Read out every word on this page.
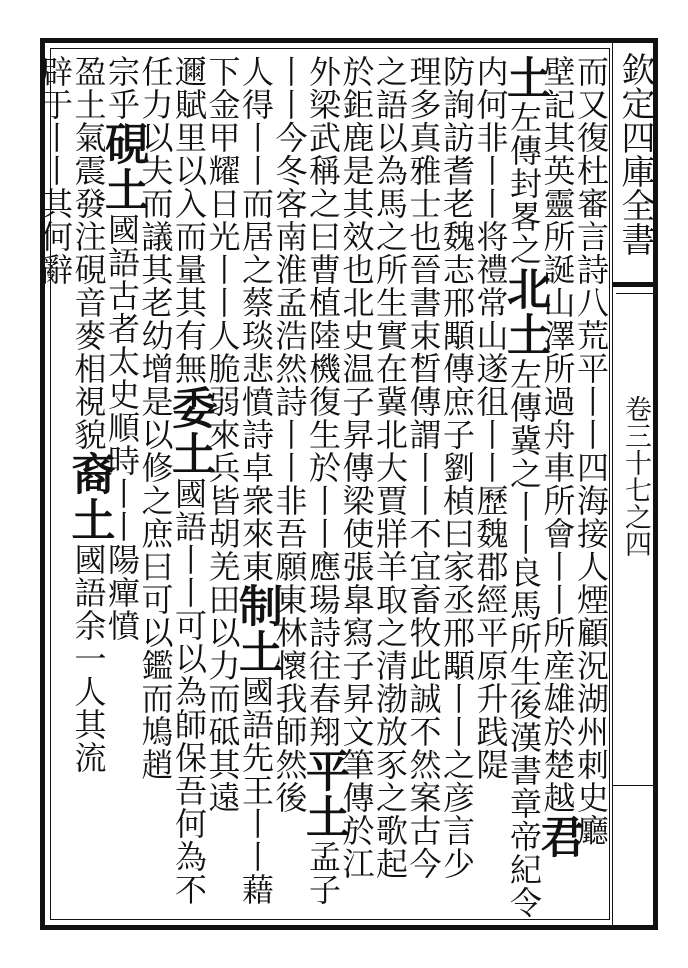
欽定四庫全書
卷三十七之四
而又復杜審言詩八荒平丨丨四海接人煙顧況湖州刺史廳
壁記其英靈所誕山澤所過舟車所會丨丨所産雄於楚越君
土左傳封畧之北土左傳冀之丨丨良馬所生後漢書章帝紀令
内何非丨丨将禮常山遂徂丨丨歷魏郡經平原升践隄
防詢訪耆老魏志邢顒傳庶子劉楨曰家丞邢顒丨丨之彦言少
理多真雅士也晉書束晳傳謂丨丨不宜畜牧此誠不然案古今
之語以為馬之所生實在冀北大賈牂羊取之清渤放豕之歌起
於鉅鹿是其效也北史温子昇傳梁使張臯寫子昇文筆傳於江
外梁武稱之曰曹植陸機復生於丨丨應瑒詩往春翔平土孟子
丨丨今冬客南淮孟浩然詩丨丨非吾願東林懷我師然後
人得丨丨而居之蔡琰悲憤詩卓衆來東制土國語先王丨丨藉
下金甲耀日光丨丨人脆弱來兵皆胡羌田以力而砥其遠
邇賦里以入而量其有無委土國語丨丨可以為師保吾何為不
任力以夫而議其老幼增是以修之庶曰可以鑑而鳩趙
宗乎硯土國語古者太史順時丨丨陽癉憤
盈土氣震發注硯音麥相視貌裔土國語余一人其流
辟于丨丨其何辭
